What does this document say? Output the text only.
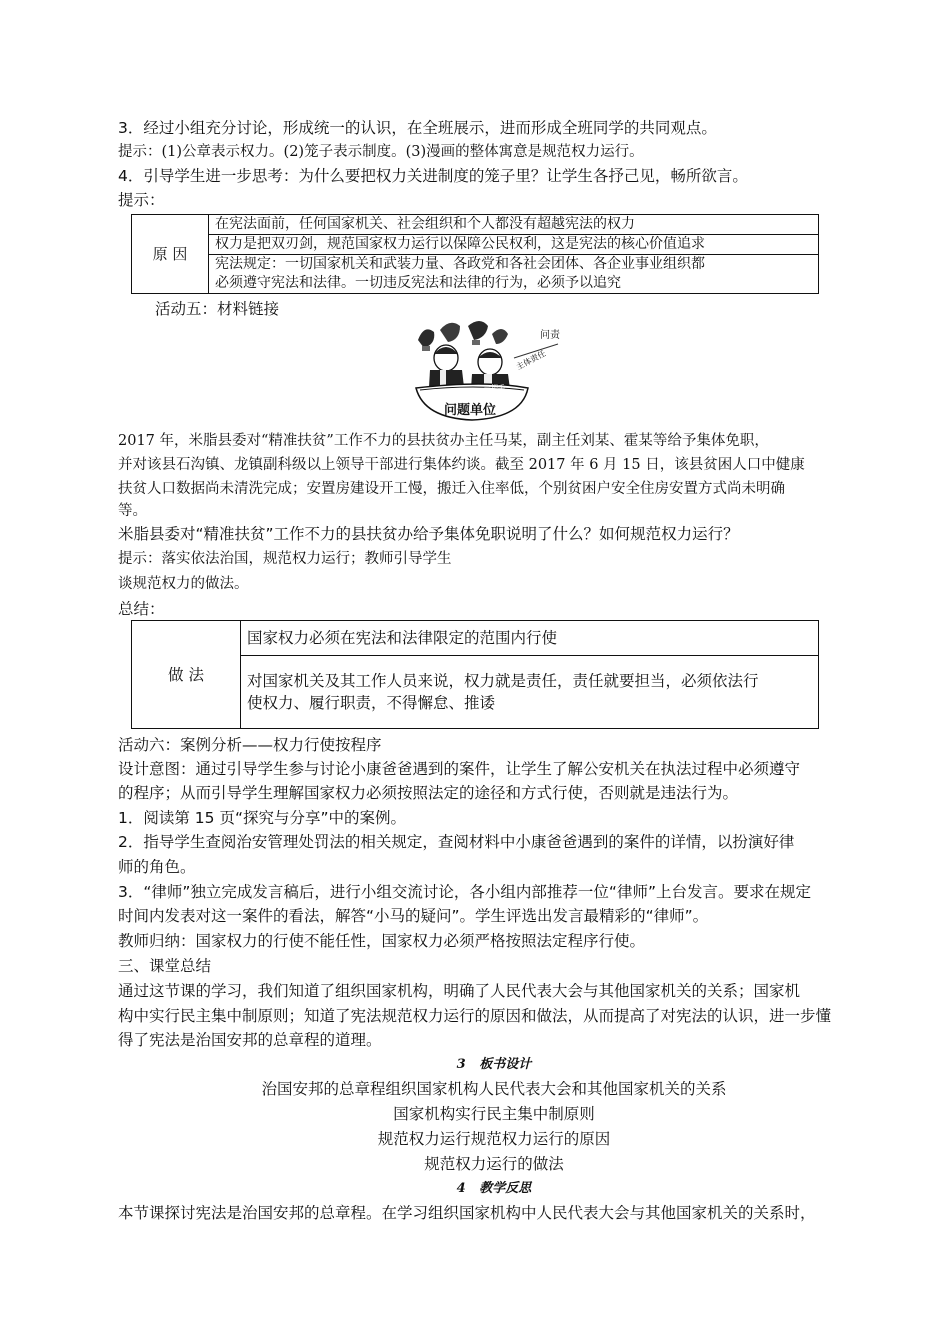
3．经过小组充分讨论，形成统一的认识，在全班展示，进而形成全班同学的共同观点。
提示：(1)公章表示权力。(2)笼子表示制度。(3)漫画的整体寓意是规范权力运行。
4．引导学生进一步思考：为什么要把权力关进制度的笼子里？让学生各抒己见，畅所欲言。
提示：
原 因	在宪法面前，任何国家机关、社会组织和个人都没有超越宪法的权力
权力是把双刃剑，规范国家权力运行以保障公民权利，这是宪法的核心价值追求

宪法规定：一切国家机关和武装力量、各政党和各社会团体、各企业事业组织都
必须遵守宪法和法律。一切违反宪法和法律的行为，必须予以追究
活动五：材料链接
问题单位
党政
一把手
问责
主体责任
2017 年，米脂县委对“精准扶贫”工作不力的县扶贫办主任马某，副主任刘某、霍某等给予集体免职，
并对该县石沟镇、龙镇副科级以上领导干部进行集体约谈。截至 2017 年 6 月 15 日，该县贫困人口中健康
扶贫人口数据尚未清洗完成；安置房建设开工慢，搬迁入住率低，个别贫困户安全住房安置方式尚未明确
等。
米脂县委对“精准扶贫”工作不力的县扶贫办给予集体免职说明了什么？如何规范权力运行？
提示：落实依法治国，规范权力运行；教师引导学生
谈规范权力的做法。
总结：
做 法	国家权力必须在宪法和法律限定的范围内行使

对国家机关及其工作人员来说，权力就是责任，责任就要担当，必须依法行
使权力、履行职责，不得懈怠、推诿
活动六：案例分析——权力行使按程序
设计意图：通过引导学生参与讨论小康爸爸遇到的案件，让学生了解公安机关在执法过程中必须遵守
的程序；从而引导学生理解国家权力必须按照法定的途径和方式行使，否则就是违法行为。
1．阅读第 15 页“探究与分享”中的案例。
2．指导学生查阅治安管理处罚法的相关规定，查阅材料中小康爸爸遇到的案件的详情，以扮演好律
师的角色。
3．“律师”独立完成发言稿后，进行小组交流讨论，各小组内部推荐一位“律师”上台发言。要求在规定
时间内发表对这一案件的看法，解答“小马的疑问”。学生评选出发言最精彩的“律师”。
教师归纳：国家权力的行使不能任性，国家权力必须严格按照法定程序行使。
三、课堂总结
通过这节课的学习，我们知道了组织国家机构，明确了人民代表大会与其他国家机关的关系；国家机
构中实行民主集中制原则；知道了宪法规范权力运行的原因和做法，从而提高了对宪法的认识，进一步懂
得了宪法是治国安邦的总章程的道理。
3 板书设计
治国安邦的总章程组织国家机构人民代表大会和其他国家机关的关系
国家机构实行民主集中制原则
规范权力运行规范权力运行的原因
规范权力运行的做法
4 教学反思
本节课探讨宪法是治国安邦的总章程。在学习组织国家机构中人民代表大会与其他国家机关的关系时，
